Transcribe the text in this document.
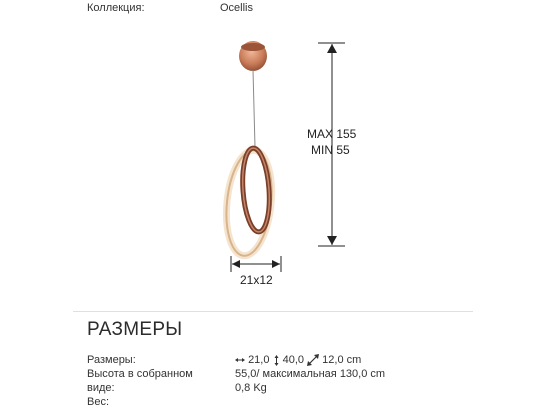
Коллекция:	Ocellis
MAX 155
MIN 55
21x12
РАЗМЕРЫ
Размеры:
Высота в собранном
виде:
Вес:
21,0 40,0 12,0 cm
55,0/ максимальная 130,0 cm
0,8 Kg
